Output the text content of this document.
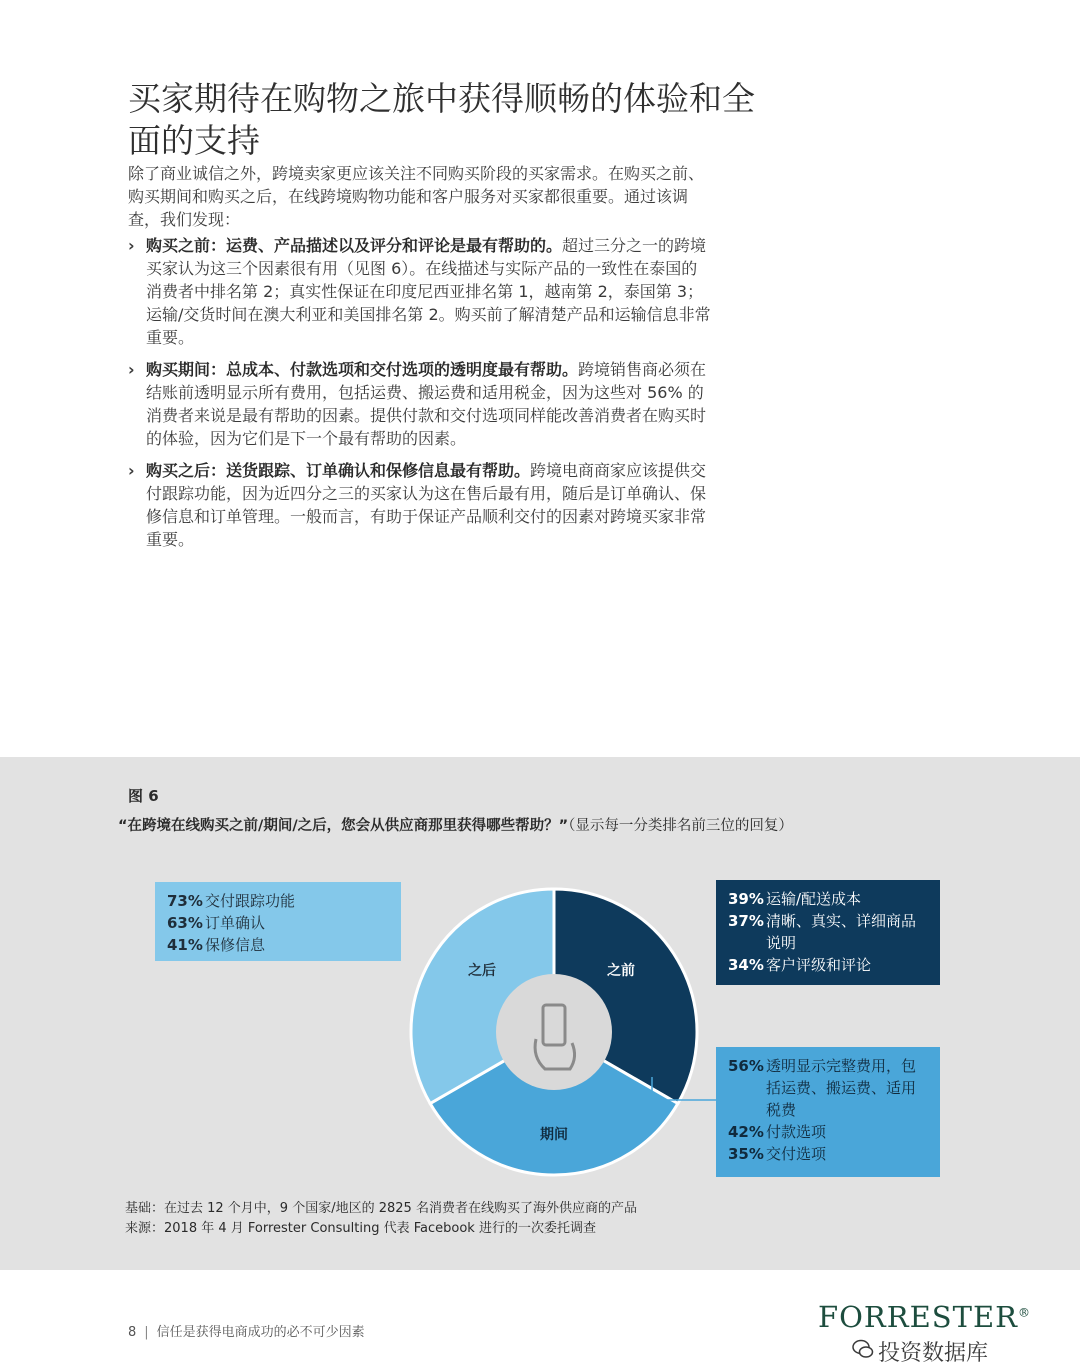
买家期待在购物之旅中获得顺畅的体验和全面的支持

除了商业诚信之外，跨境卖家更应该关注不同购买阶段的买家需求。在购买之前、购买期间和购买之后，在线跨境购物功能和客户服务对买家都很重要。通过该调查，我们发现：

› 购买之前：运费、产品描述以及评分和评论是最有帮助的。超过三分之一的跨境买家认为这三个因素很有用（见图 6）。在线描述与实际产品的一致性在泰国的消费者中排名第 2；真实性保证在印度尼西亚排名第 1，越南第 2，泰国第 3；运输/交货时间在澳大利亚和美国排名第 2。购买前了解清楚产品和运输信息非常重要。
› 购买期间：总成本、付款选项和交付选项的透明度最有帮助。跨境销售商必须在结账前透明显示所有费用，包括运费、搬运费和适用税金，因为这些对 56% 的消费者来说是最有帮助的因素。提供付款和交付选项同样能改善消费者在购买时的体验，因为它们是下一个最有帮助的因素。
› 购买之后：送货跟踪、订单确认和保修信息最有帮助。跨境电商商家应该提供交付跟踪功能，因为近四分之三的买家认为这在售后最有用，随后是订单确认、保修信息和订单管理。一般而言，有助于保证产品顺利交付的因素对跨境买家非常重要。
图 6
“在跨境在线购买之前/期间/之后，您会从供应商那里获得哪些帮助？”（显示每一分类排名前三位的回复）
之后	之前
期间
73% 交付跟踪功能
63% 订单确认
41% 保修信息
39% 运输/配送成本
37% 清晰、真实、详细商品说明
34% 客户评级和评论
56% 透明显示完整费用，包括运费、搬运费、适用税费
42% 付款选项
35% 交付选项
基础：在过去 12 个月中，9 个国家/地区的 2825 名消费者在线购买了海外供应商的产品
来源：2018 年 4 月 Forrester Consulting 代表 Facebook 进行的一次委托调查
8 | 信任是获得电商成功的必不可少因素	FORRESTER®
投资数据库
